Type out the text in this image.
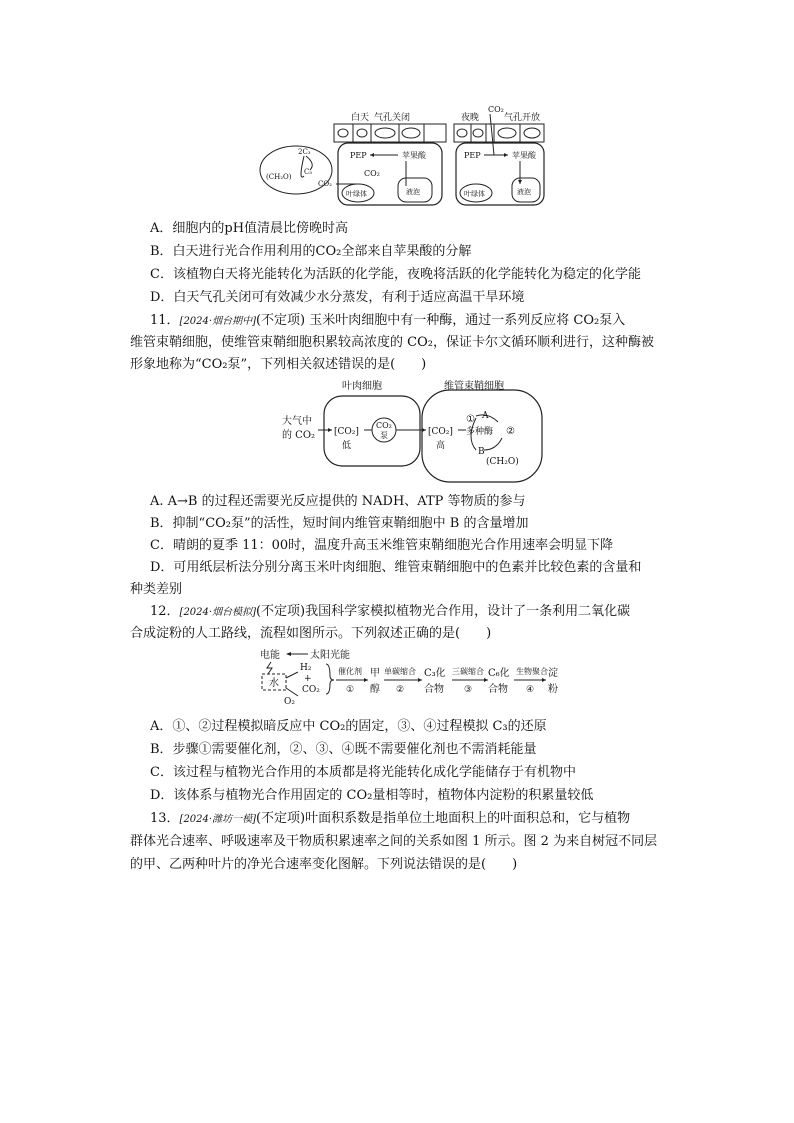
白天 气孔关闭
PEP	苹果酸
CO₂
叶绿体	液泡
2C₃
(CH₂O)
C₅
CO₂
CO₂
夜晚	气孔开放
PEP	苹果酸
叶绿体	液泡
A．细胞内的pH值清晨比傍晚时高
B．白天进行光合作用利用的CO₂全部来自苹果酸的分解
C．该植物白天将光能转化为活跃的化学能，夜晚将活跃的化学能转化为稳定的化学能
D．白天气孔关闭可有效减少水分蒸发，有利于适应高温干旱环境
11．[2024·烟台期中](不定项) 玉米叶肉细胞中有一种酶，通过一系列反应将 CO₂泵入
维管束鞘细胞，使维管束鞘细胞积累较高浓度的 CO₂，保证卡尔文循环顺利进行，这种酶被
形象地称为“CO₂泵”，下列相关叙述错误的是(　　)
叶肉细胞	维管束鞘细胞
大气中
的 CO₂ [CO₂]
低
CO₂
泵	[CO₂]
高
① A
多种酶 ②
B
(CH₂O)
A. A→B 的过程还需要光反应提供的 NADH、ATP 等物质的参与
B．抑制“CO₂泵”的活性，短时间内维管束鞘细胞中 B 的含量增加
C．晴朗的夏季 11：00时，温度升高玉米维管束鞘细胞光合作用速率会明显下降
D．可用纸层析法分别分离玉米叶肉细胞、维管束鞘细胞中的色素并比较色素的含量和
种类差别
12．[2024·烟台模拟](不定项)我国科学家模拟植物光合作用，设计了一条利用二氧化碳
合成淀粉的人工路线，流程如图所示。下列叙述正确的是(　　)
电能	太阳光能
水
H₂
+
CO₂
O₂
催化剂
①
甲
醇
单碳缩合
②
C₃化
合物
三碳缩合
③
C₆化
合物
生物聚合
④
淀
粉
A．①、②过程模拟暗反应中 CO₂的固定，③、④过程模拟 C₃的还原
B．步骤①需要催化剂，②、③、④既不需要催化剂也不需消耗能量
C．该过程与植物光合作用的本质都是将光能转化成化学能储存于有机物中
D．该体系与植物光合作用固定的 CO₂量相等时，植物体内淀粉的积累量较低
13．[2024·潍坊一模](不定项)叶面积系数是指单位土地面积上的叶面积总和，它与植物
群体光合速率、呼吸速率及干物质积累速率之间的关系如图 1 所示。图 2 为来自树冠不同层
的甲、乙两种叶片的净光合速率变化图解。下列说法错误的是(　　)
